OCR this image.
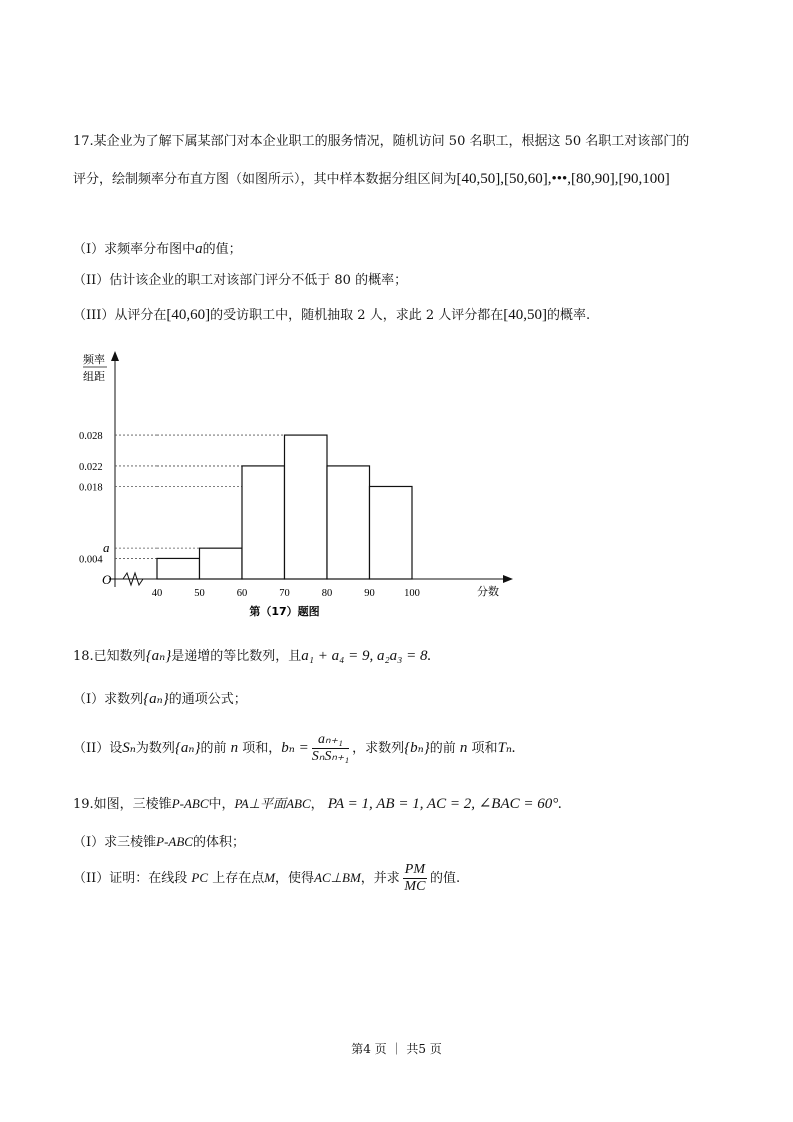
17.某企业为了解下属某部门对本企业职工的服务情况，随机访问 50 名职工，根据这 50 名职工对该部门的
评分，绘制频率分布直方图（如图所示），其中样本数据分组区间为[40,50],[50,60],•••,[80,90],[90,100]
（I）求频率分布图中a的值；
（II）估计该企业的职工对该部门评分不低于 80 的概率；
（III）从评分在[40,60]的受访职工中，随机抽取 2 人，求此 2 人评分都在[40,50]的概率.
O
频率
组距
分数
0.004
a
0.018
0.022
0.028
40	50	60	70	80	90	100
第（17）题图
18.已知数列{aₙ}是递增的等比数列，且a₁ + a₄ = 9, a₂a₃ = 8.
（I）求数列{aₙ}的通项公式；
（II）设Sₙ为数列{aₙ}的前 n 项和，$b_n = \frac{\text{aₙ₊₁}}{\text{SₙSₙ₊₁}}$ ，求数列{bₙ}的前 n 项和Tₙ.
19.如图，三棱锥P-ABC中，PA⊥平面ABC， PA = 1, AB = 1, AC = 2, ∠BAC = 60°.
（I）求三棱锥P-ABC的体积；
（II）证明：在线段 PC 上存在点M，使得AC⊥BM，并求 $\frac{PM}{MC}$ 的值.
第4 页 ｜ 共5 页
